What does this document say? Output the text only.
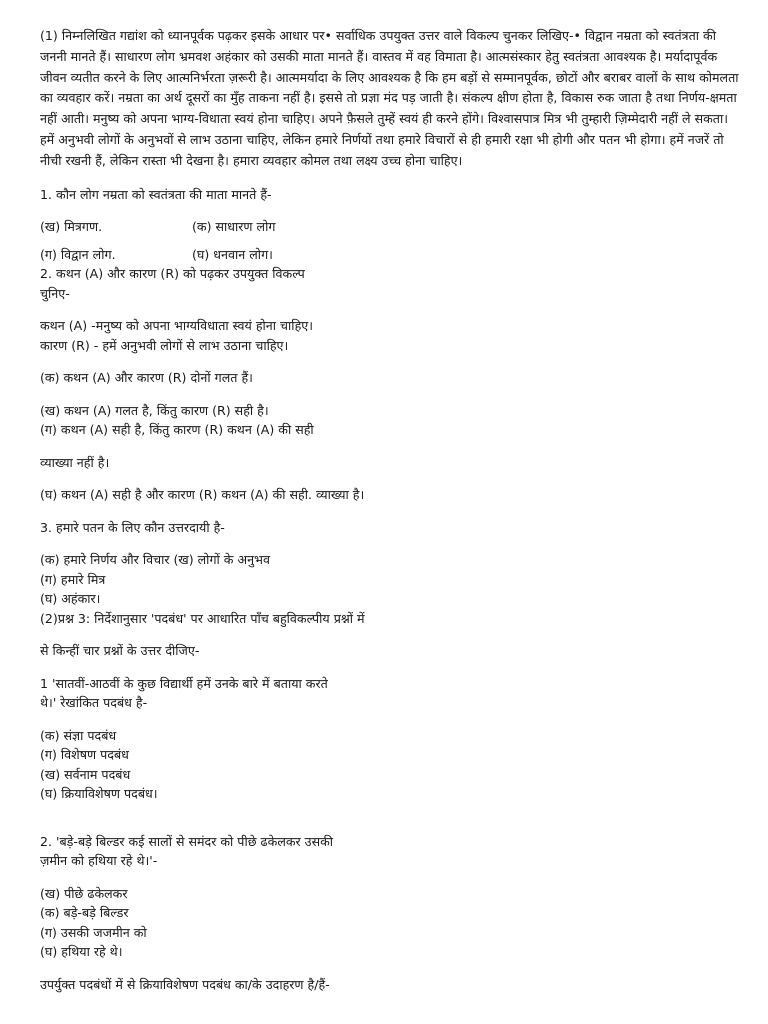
(1) निम्नलिखित गद्यांश को ध्यानपूर्वक पढ़कर इसके आधार पर• सर्वाधिक उपयुक्त उत्तर वाले विकल्प चुनकर लिखिए-• विद्वान नम्रता को स्वतंत्रता की जननी मानते हैं। साधारण लोग भ्रमवश अहंकार को उसकी माता मानते हैं। वास्तव में वह विमाता है। आत्मसंस्कार हेतु स्वतंत्रता आवश्यक है। मर्यादापूर्वक जीवन व्यतीत करने के लिए आत्मनिर्भरता ज़रूरी है। आत्ममर्यादा के लिए आवश्यक है कि हम बड़ों से सम्मानपूर्वक, छोटों और बराबर वालों के साथ कोमलता का व्यवहार करें। नम्रता का अर्थ दूसरों का मुँह ताकना नहीं है। इससे तो प्रज्ञा मंद पड़ जाती है। संकल्प क्षीण होता है, विकास रुक जाता है तथा निर्णय-क्षमता नहीं आती। मनुष्य को अपना भाग्य-विधाता स्वयं होना चाहिए। अपने फ़ैसले तुम्हें स्वयं ही करने होंगे। विश्वासपात्र मित्र भी तुम्हारी ज़िम्मेदारी नहीं ले सकता। हमें अनुभवी लोगों के अनुभवों से लाभ उठाना चाहिए, लेकिन हमारे निर्णयों तथा हमारे विचारों से ही हमारी रक्षा भी होगी और पतन भी होगा। हमें नजरें तो नीची रखनी हैं, लेकिन रास्ता भी देखना है। हमारा व्यवहार कोमल तथा लक्ष्य उच्च होना चाहिए।

1. कौन लोग नम्रता को स्वतंत्रता की माता मानते हैं-

(ख) मित्रगण.	(क) साधारण लोग
(ग) विद्वान लोग.	(घ) धनवान लोग।

2. कथन (A) और कारण (R) को पढ़कर उपयुक्त विकल्प

चुनिए-

कथन (A) -मनुष्य को अपना भाग्यविधाता स्वयं होना चाहिए।

कारण (R) - हमें अनुभवी लोगों से लाभ उठाना चाहिए।

(क) कथन (A) और कारण (R) दोनों गलत हैं।

(ख) कथन (A) गलत है, किंतु कारण (R) सही है।

(ग) कथन (A) सही है, किंतु कारण (R) कथन (A) की सही

व्याख्या नहीं है।

(घ) कथन (A) सही है और कारण (R) कथन (A) की सही. व्याख्या है।

3. हमारे पतन के लिए कौन उत्तरदायी है-

(क) हमारे निर्णय और विचार (ख) लोगों के अनुभव

(ग) हमारे मित्र

(घ) अहंकार।

(2)प्रश्न 3: निर्देशानुसार 'पदबंध' पर आधारित पाँच बहुविकल्पीय प्रश्नों में

से किन्हीं चार प्रश्नों के उत्तर दीजिए-

1 'सातवीं-आठवीं के कुछ विद्यार्थी हमें उनके बारे में बताया करते

थे।' रेखांकित पदबंध है-

(क) संज्ञा पदबंध

(ग) विशेषण पदबंध

(ख) सर्वनाम पदबंध

(घ) क्रियाविशेषण पदबंध।

2. 'बड़े-बड़े बिल्डर कई सालों से समंदर को पीछे ढकेलकर उसकी

ज़मीन को हथिया रहे थे।'-

(ख) पीछे ढकेलकर

(क) बड़े-बड़े बिल्डर

(ग) उसकी जजमीन को

(घ) हथिया रहे थे।

उपर्युक्त पदबंधों में से क्रियाविशेषण पदबंध का/के उदाहरण है/हैं-
